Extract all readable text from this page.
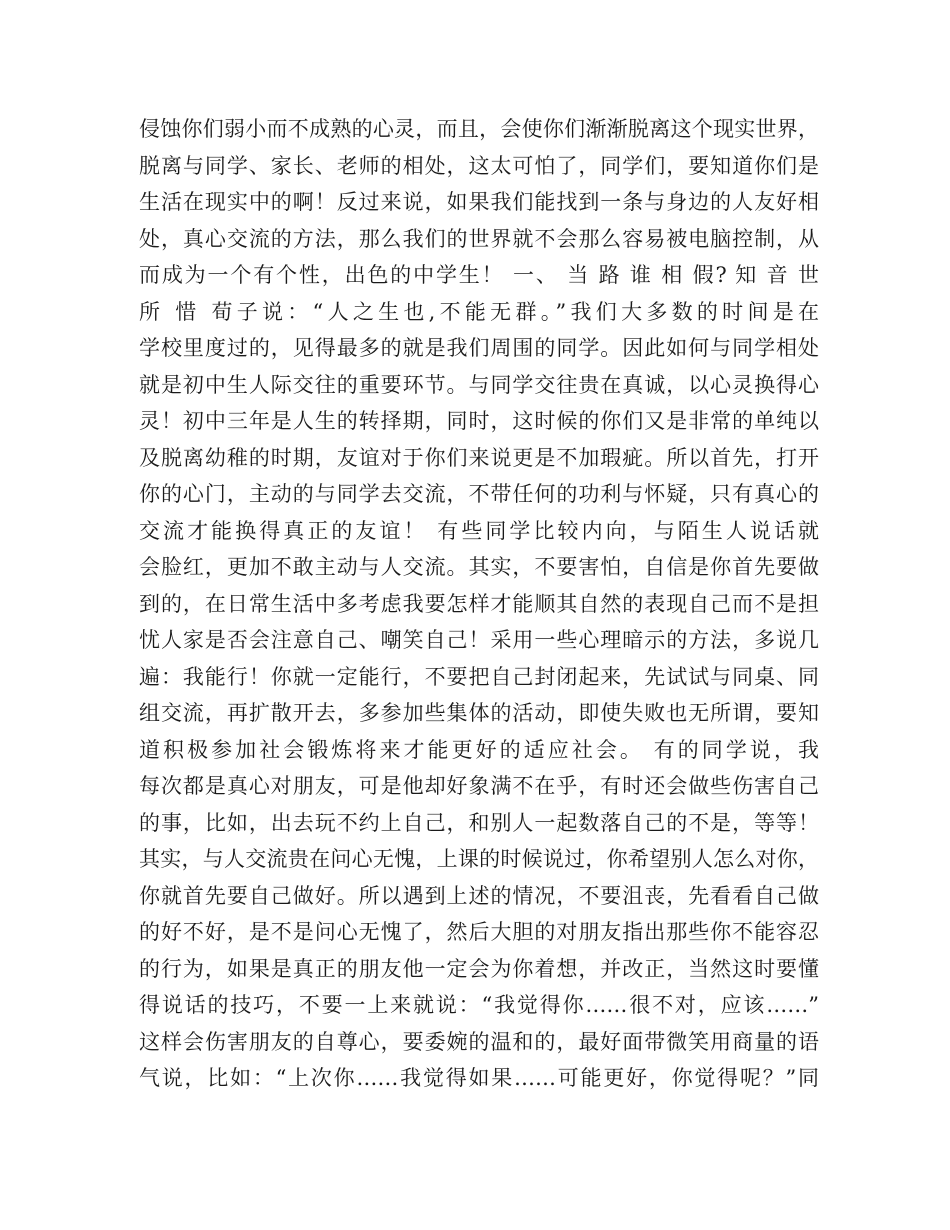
侵蚀你们弱小而不成熟的心灵，而且，会使你们渐渐脱离这个现实世界，
脱离与同学、家长、老师的相处，这太可怕了，同学们，要知道你们是
生活在现实中的啊！反过来说，如果我们能找到一条与身边的人友好相
处，真心交流的方法，那么我们的世界就不会那么容易被电脑控制，从
而成为一个有个性，出色的中学生！ 一、 当 路 谁 相 假? 知 音 世
所 惜 荀子说：“人之生也,不能无群。”我们大多数的时间是在
学校里度过的，见得最多的就是我们周围的同学。因此如何与同学相处
就是初中生人际交往的重要环节。与同学交往贵在真诚，以心灵换得心
灵！初中三年是人生的转择期，同时，这时候的你们又是非常的单纯以
及脱离幼稚的时期，友谊对于你们来说更是不加瑕疵。所以首先，打开
你的心门，主动的与同学去交流，不带任何的功利与怀疑，只有真心的
交流才能换得真正的友谊！ 有些同学比较内向，与陌生人说话就
会脸红，更加不敢主动与人交流。其实，不要害怕，自信是你首先要做
到的，在日常生活中多考虑我要怎样才能顺其自然的表现自己而不是担
忧人家是否会注意自己、嘲笑自己！采用一些心理暗示的方法，多说几
遍：我能行！你就一定能行，不要把自己封闭起来，先试试与同桌、同
组交流，再扩散开去，多参加些集体的活动，即使失败也无所谓，要知
道积极参加社会锻炼将来才能更好的适应社会。 有的同学说，我
每次都是真心对朋友，可是他却好象满不在乎，有时还会做些伤害自己
的事，比如，出去玩不约上自己，和别人一起数落自己的不是，等等！
其实，与人交流贵在问心无愧，上课的时候说过，你希望别人怎么对你，
你就首先要自己做好。所以遇到上述的情况，不要沮丧，先看看自己做
的好不好，是不是问心无愧了，然后大胆的对朋友指出那些你不能容忍
的行为，如果是真正的朋友他一定会为你着想，并改正，当然这时要懂
得说话的技巧，不要一上来就说：“我觉得你……很不对，应该……”
这样会伤害朋友的自尊心，要委婉的温和的，最好面带微笑用商量的语
气说，比如：“上次你……我觉得如果……可能更好，你觉得呢？”同
